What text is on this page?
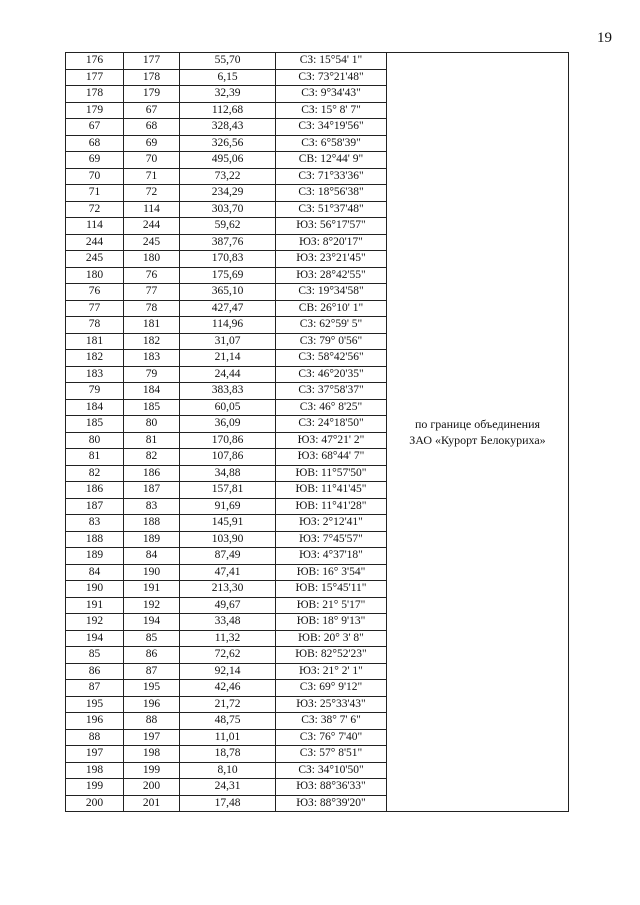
19
176	177	55,70	СЗ: 15°54' 1"	по границе объединения
ЗАО «Курорт Белокуриха»

177	178	6,15	СЗ: 73°21'48"	
178	179	32,39	СЗ: 9°34'43"	
179	67	112,68	СЗ: 15° 8' 7"	
67	68	328,43	СЗ: 34°19'56"	
68	69	326,56	СЗ: 6°58'39"	
69	70	495,06	СВ: 12°44' 9"	
70	71	73,22	СЗ: 71°33'36"	
71	72	234,29	СЗ: 18°56'38"	
72	114	303,70	СЗ: 51°37'48"	
114	244	59,62	ЮЗ: 56°17'57"	
244	245	387,76	ЮЗ: 8°20'17"	
245	180	170,83	ЮЗ: 23°21'45"	
180	76	175,69	ЮЗ: 28°42'55"	
76	77	365,10	СЗ: 19°34'58"	
77	78	427,47	СВ: 26°10' 1"	
78	181	114,96	СЗ: 62°59' 5"	
181	182	31,07	СЗ: 79° 0'56"	
182	183	21,14	СЗ: 58°42'56"	
183	79	24,44	СЗ: 46°20'35"	
79	184	383,83	СЗ: 37°58'37"	
184	185	60,05	СЗ: 46° 8'25"	
185	80	36,09	СЗ: 24°18'50"	
80	81	170,86	ЮЗ: 47°21' 2"	
81	82	107,86	ЮЗ: 68°44' 7"	
82	186	34,88	ЮВ: 11°57'50"	
186	187	157,81	ЮВ: 11°41'45"	
187	83	91,69	ЮВ: 11°41'28"	
83	188	145,91	ЮЗ: 2°12'41"	
188	189	103,90	ЮЗ: 7°45'57"	
189	84	87,49	ЮЗ: 4°37'18"	
84	190	47,41	ЮВ: 16° 3'54"	
190	191	213,30	ЮВ: 15°45'11"	
191	192	49,67	ЮВ: 21° 5'17"	
192	194	33,48	ЮВ: 18° 9'13"	
194	85	11,32	ЮВ: 20° 3' 8"	
85	86	72,62	ЮВ: 82°52'23"	
86	87	92,14	ЮЗ: 21° 2' 1"	
87	195	42,46	СЗ: 69° 9'12"	
195	196	21,72	ЮЗ: 25°33'43"	
196	88	48,75	СЗ: 38° 7' 6"	
88	197	11,01	СЗ: 76° 7'40"	
197	198	18,78	СЗ: 57° 8'51"	
198	199	8,10	СЗ: 34°10'50"	
199	200	24,31	ЮЗ: 88°36'33"	
200	201	17,48	ЮЗ: 88°39'20"	
